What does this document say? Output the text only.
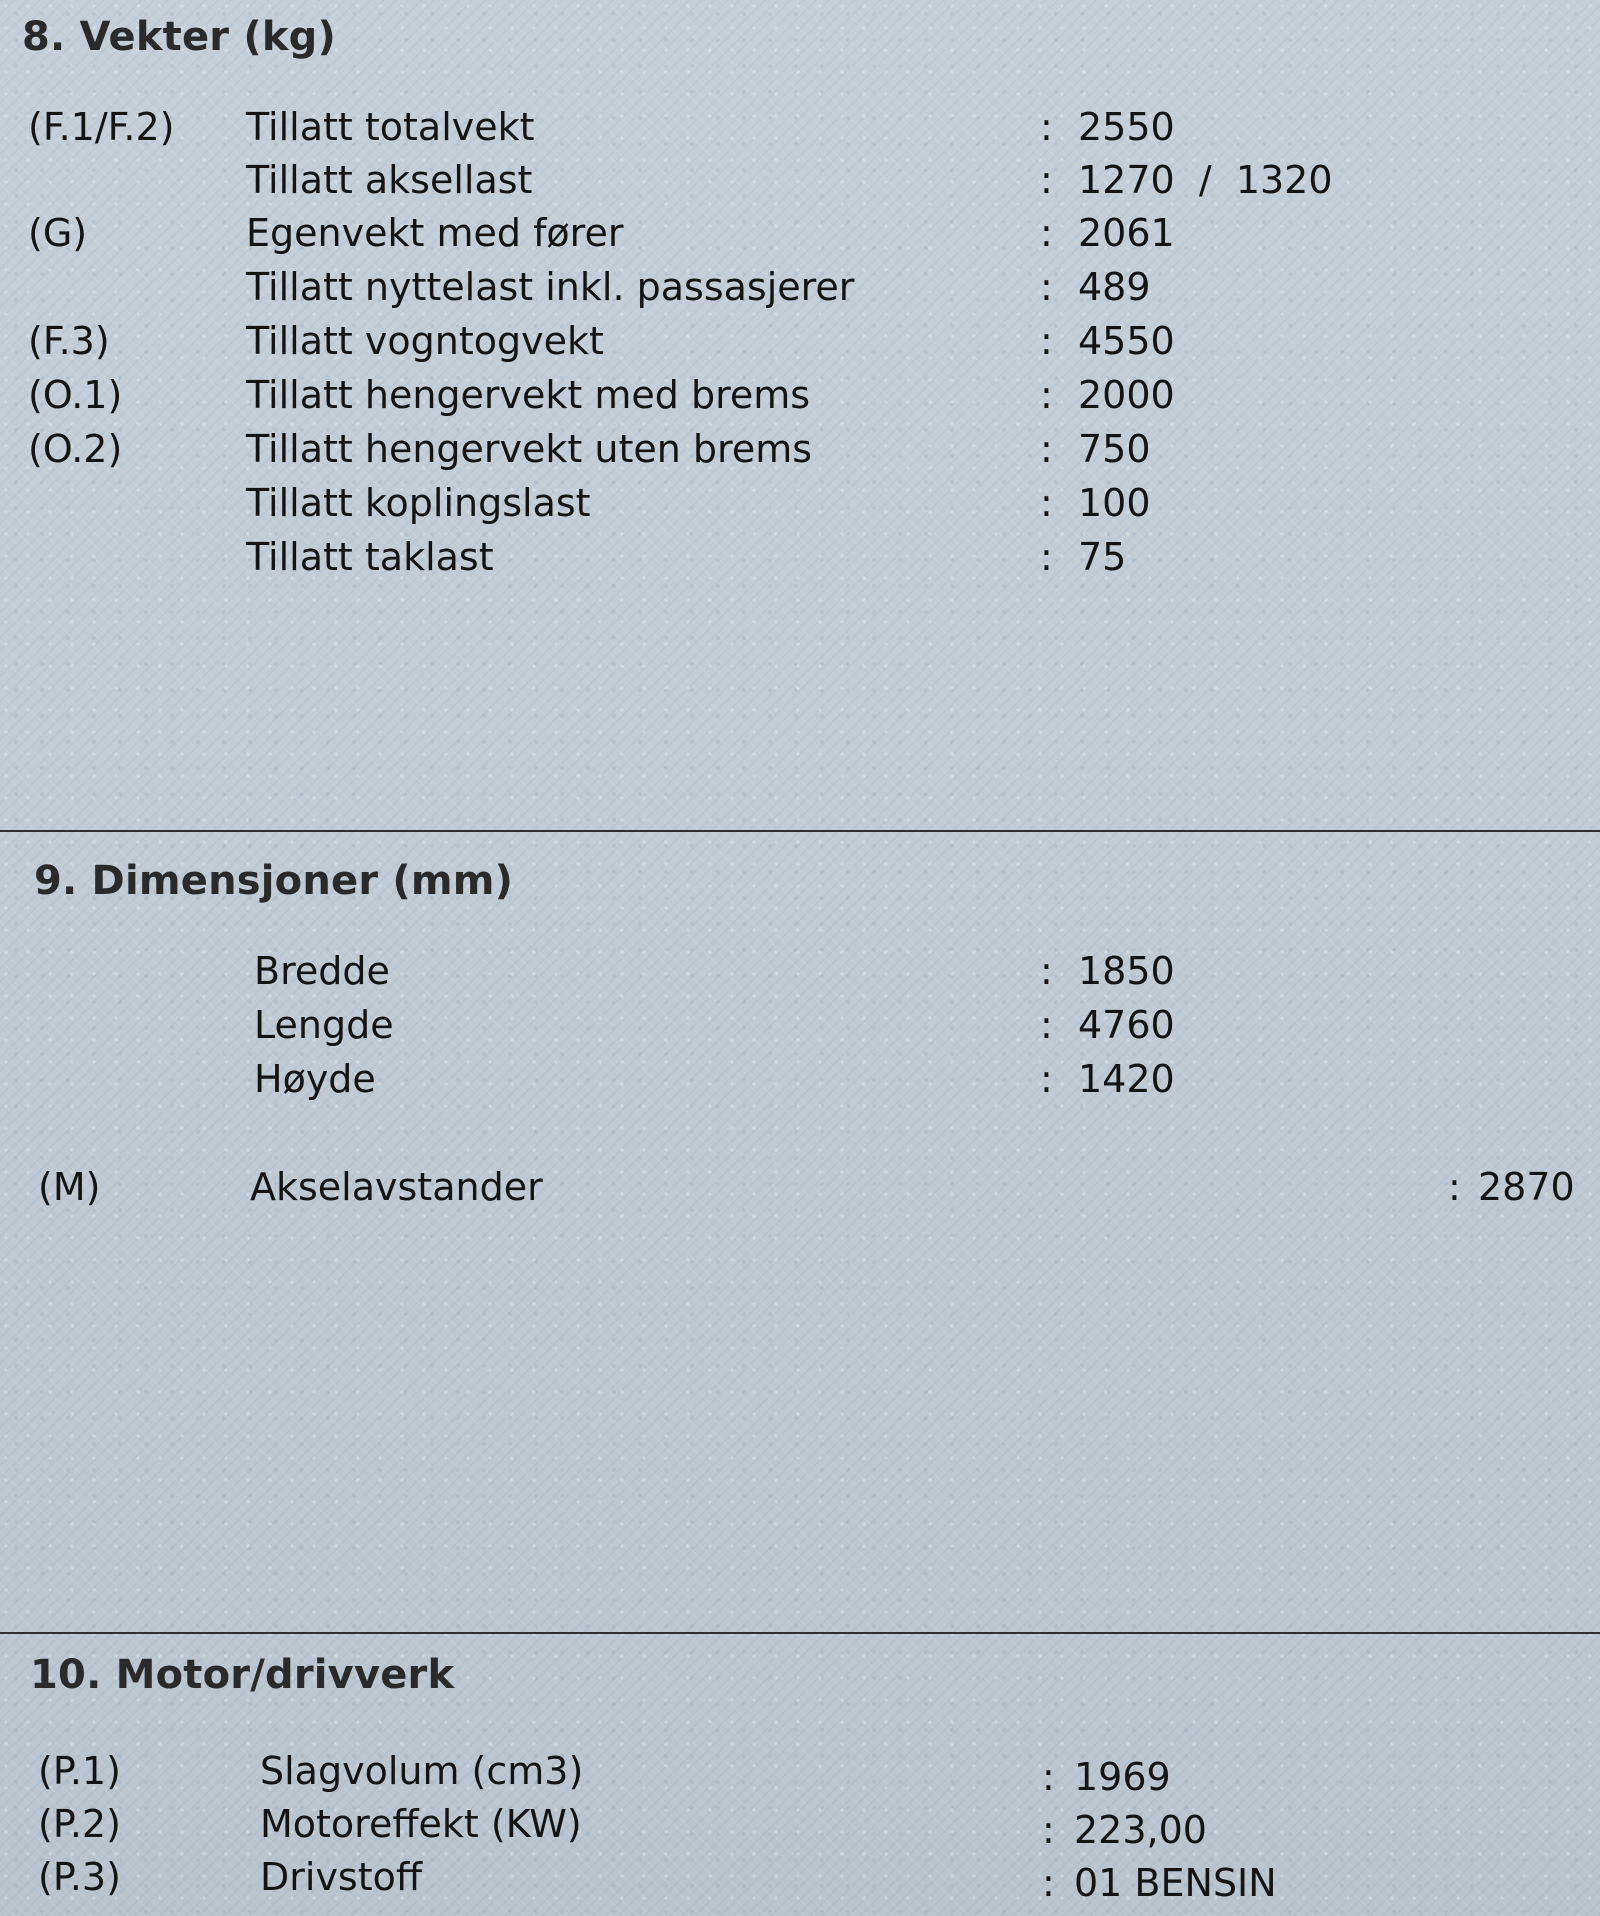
8. Vekter (kg)
(F.1/F.2) Tillatt totalvekt	: 2550
Tillatt aksellast	: 1270  /  1320
(G)	Egenvekt med fører	: 2061
Tillatt nyttelast inkl. passasjerer	: 489
(F.3)	Tillatt vogntogvekt	: 4550
(O.1)	Tillatt hengervekt med brems	: 2000
(O.2)	Tillatt hengervekt uten brems	: 750
Tillatt koplingslast	: 100
Tillatt taklast	: 75
9. Dimensjoner (mm)
Bredde	: 1850
Lengde	: 4760
Høyde	: 1420
(M)	Akselavstander	: 2870
10. Motor/drivverk
(P.1)	Slagvolum (cm3)	: 1969
(P.2)	Motoreffekt (KW)	: 223,00
(P.3)	Drivstoff	: 01 BENSIN
